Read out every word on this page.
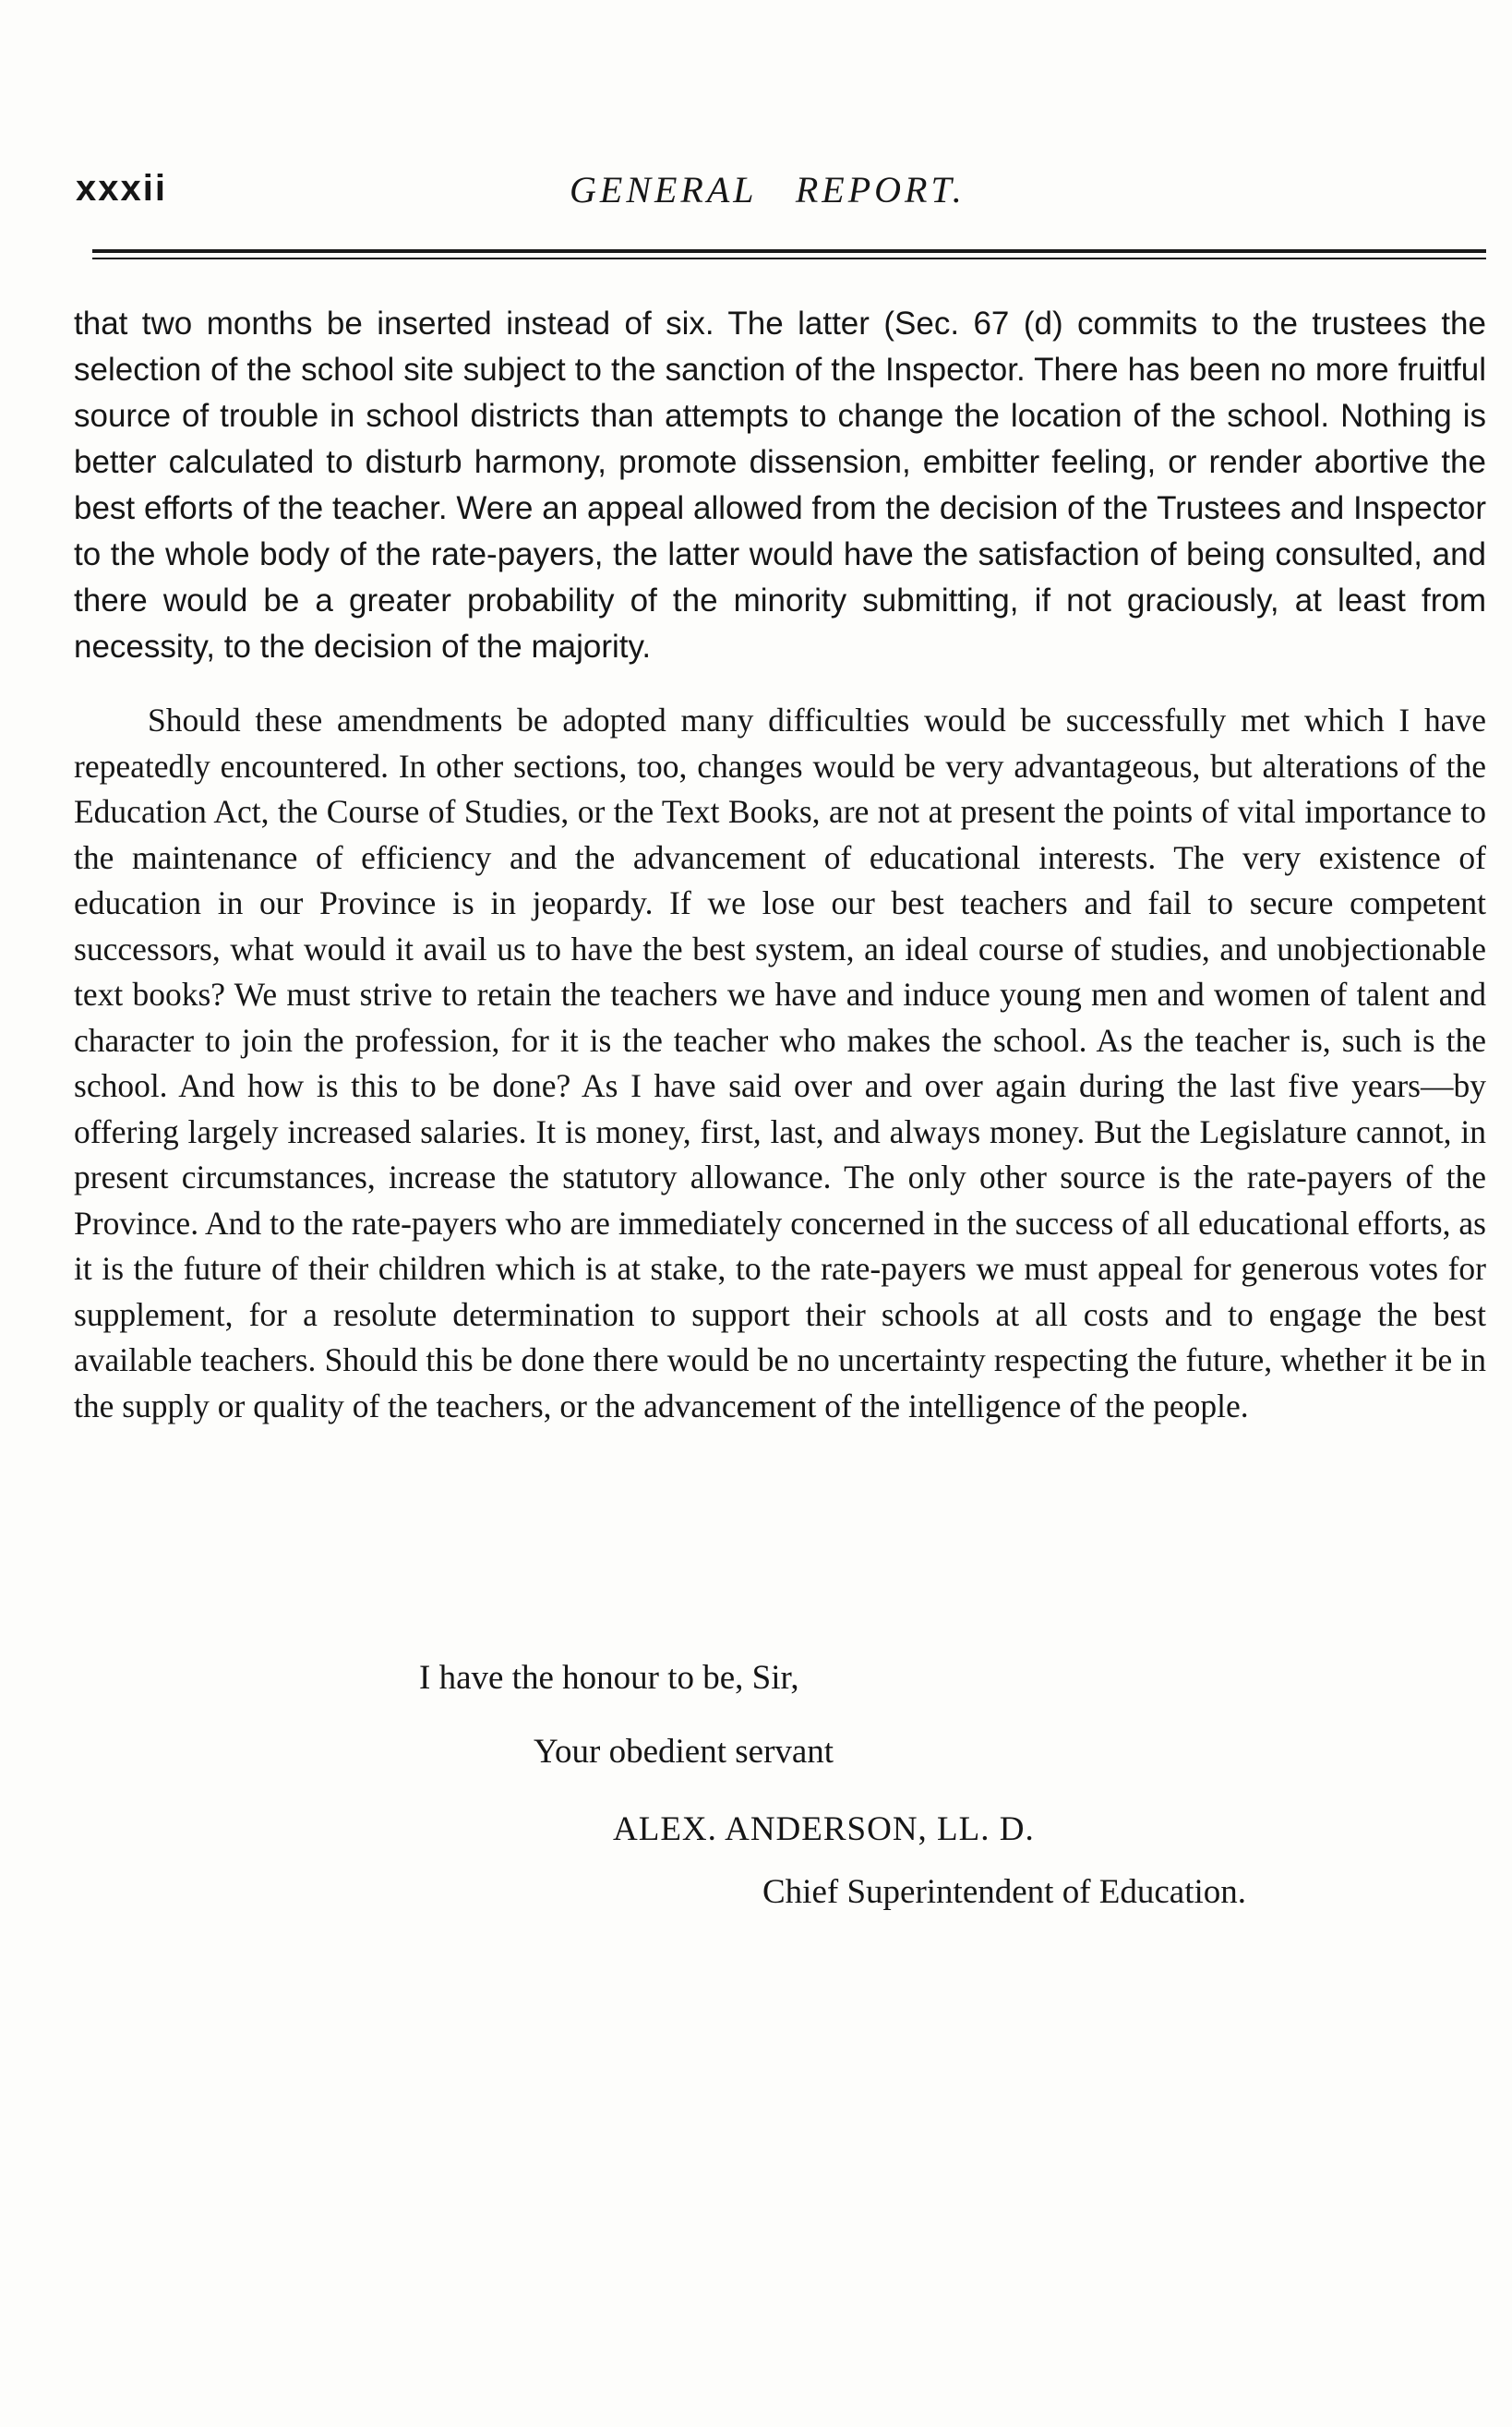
xxxii	GENERAL REPORT.

that two months be inserted instead of six. The latter (Sec. 67 (d) commits to the trustees the selection of the school site subject to the sanction of the Inspector. There has been no more fruitful source of trouble in school districts than attempts to change the location of the school. Nothing is better calculated to disturb harmony, promote dissension, embitter feeling, or render abortive the best efforts of the teacher. Were an appeal allowed from the decision of the Trustees and Inspector to the whole body of the rate-payers, the latter would have the satisfaction of being consulted, and there would be a greater probability of the minority submitting, if not graciously, at least from necessity, to the decision of the majority.

Should these amendments be adopted many difficulties would be successfully met which I have repeatedly encountered. In other sections, too, changes would be very advantageous, but alterations of the Education Act, the Course of Studies, or the Text Books, are not at present the points of vital importance to the maintenance of efficiency and the advancement of educational interests. The very existence of education in our Province is in jeopardy. If we lose our best teachers and fail to secure competent successors, what would it avail us to have the best system, an ideal course of studies, and unobjectionable text books? We must strive to retain the teachers we have and induce young men and women of talent and character to join the profession, for it is the teacher who makes the school. As the teacher is, such is the school. And how is this to be done? As I have said over and over again during the last five years—by offering largely increased salaries. It is money, first, last, and always money. But the Legislature cannot, in present circumstances, increase the statutory allowance. The only other source is the rate-payers of the Province. And to the rate-payers who are immediately concerned in the success of all educational efforts, as it is the future of their children which is at stake, to the rate-payers we must appeal for generous votes for supplement, for a resolute determination to support their schools at all costs and to engage the best available teachers. Should this be done there would be no uncertainty respecting the future, whether it be in the supply or quality of the teachers, or the advancement of the intelligence of the people.

I have the honour to be, Sir,
Your obedient servant
ALEX. ANDERSON, LL. D.
Chief Superintendent of Education.
